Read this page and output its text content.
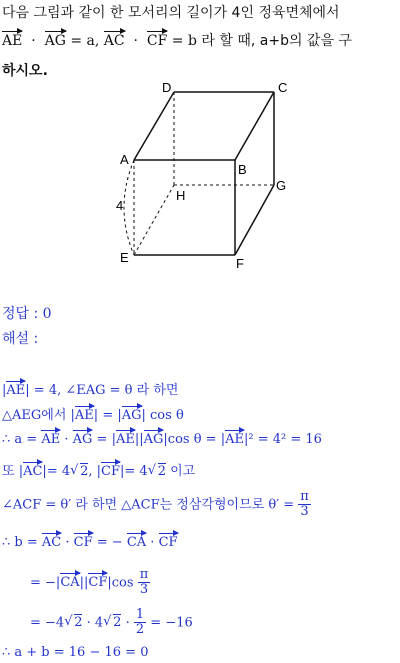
다음 그림과 같이 한 모서리의 길이가 4인 정육면체에서
AE  ·  AG = a, AC  ·  CF = b 라 할 때, a+b의 값을 구
하시오.
D	C
A
B
H
G
4
E	F
정답 : 0
해설 :
|AE| = 4, ∠EAG = θ 라 하면
△AEG에서 |AE| = |AG| cos θ
∴ a = AE · AG = |AE||AG|cos θ = |AE|² = 4² = 16
또 |AC|= 4 √ 2, |CF|= 4 √ 2 이고
∠ACF = θ′ 라 하면 △ACF는 정삼각형이므로 $\theta' = \frac{\pi}{3}$
∴ b = AC · CF = − CA · CF
= $-|CA||CF|\cos \frac{\pi}{3}$
= −4 √ 2 · 4 √ $2 \cdot \frac{1}{2} = -16$
∴ a + b = 16 − 16 = 0
